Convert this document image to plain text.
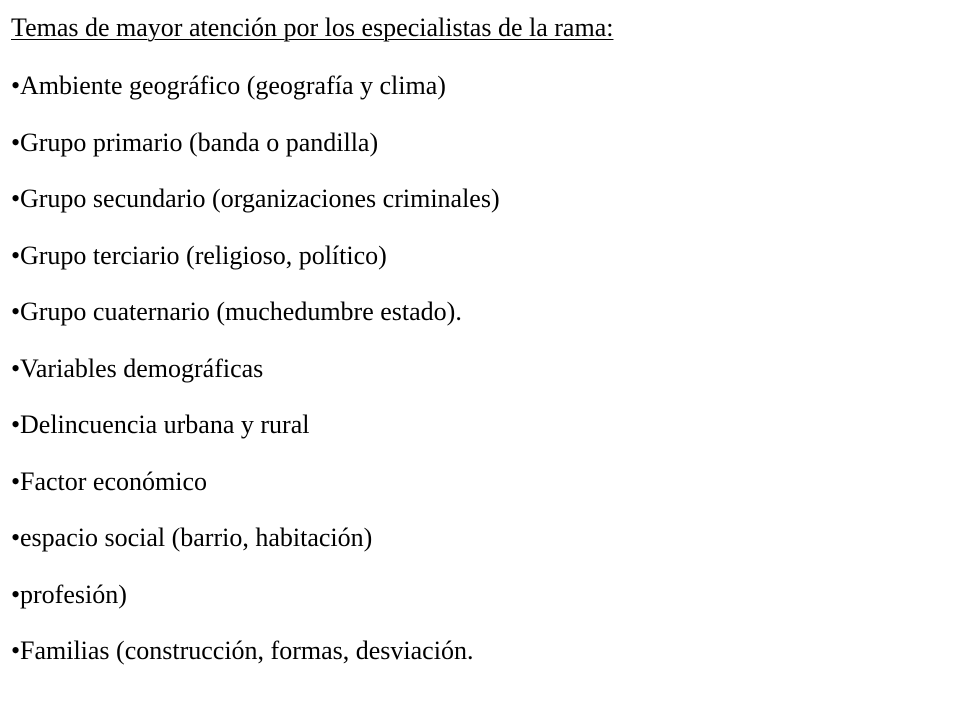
Temas de mayor atención por los especialistas de la rama:
•Ambiente geográfico (geografía y clima)
•Grupo primario (banda o pandilla)
•Grupo secundario (organizaciones criminales)
•Grupo terciario (religioso, político)
•Grupo cuaternario (muchedumbre estado).
•Variables demográficas
•Delincuencia urbana y rural
•Factor económico
•espacio social (barrio, habitación)
•profesión)
•Familias (construcción, formas, desviación.
